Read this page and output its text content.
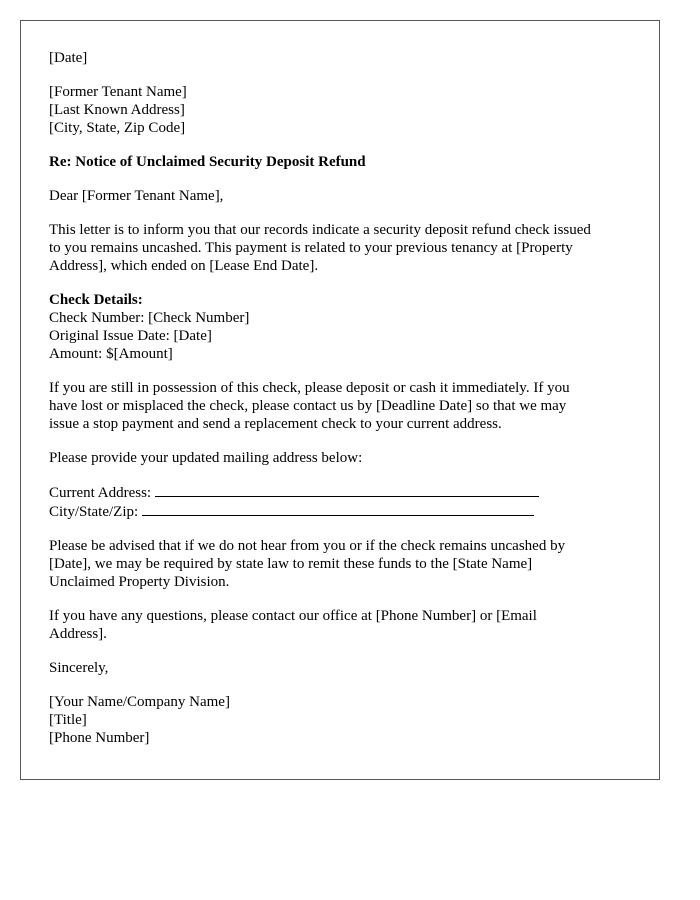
[Date]
[Former Tenant Name]
[Last Known Address]
[City, State, Zip Code]
Re: Notice of Unclaimed Security Deposit Refund
Dear [Former Tenant Name],
This letter is to inform you that our records indicate a security deposit refund check issued
to you remains uncashed. This payment is related to your previous tenancy at [Property
Address], which ended on [Lease End Date].
Check Details:
Check Number: [Check Number]
Original Issue Date: [Date]
Amount: $[Amount]
If you are still in possession of this check, please deposit or cash it immediately. If you
have lost or misplaced the check, please contact us by [Deadline Date] so that we may
issue a stop payment and send a replacement check to your current address.
Please provide your updated mailing address below:
Current Address:
City/State/Zip:
Please be advised that if we do not hear from you or if the check remains uncashed by
[Date], we may be required by state law to remit these funds to the [State Name]
Unclaimed Property Division.
If you have any questions, please contact our office at [Phone Number] or [Email
Address].
Sincerely,
[Your Name/Company Name]
[Title]
[Phone Number]
